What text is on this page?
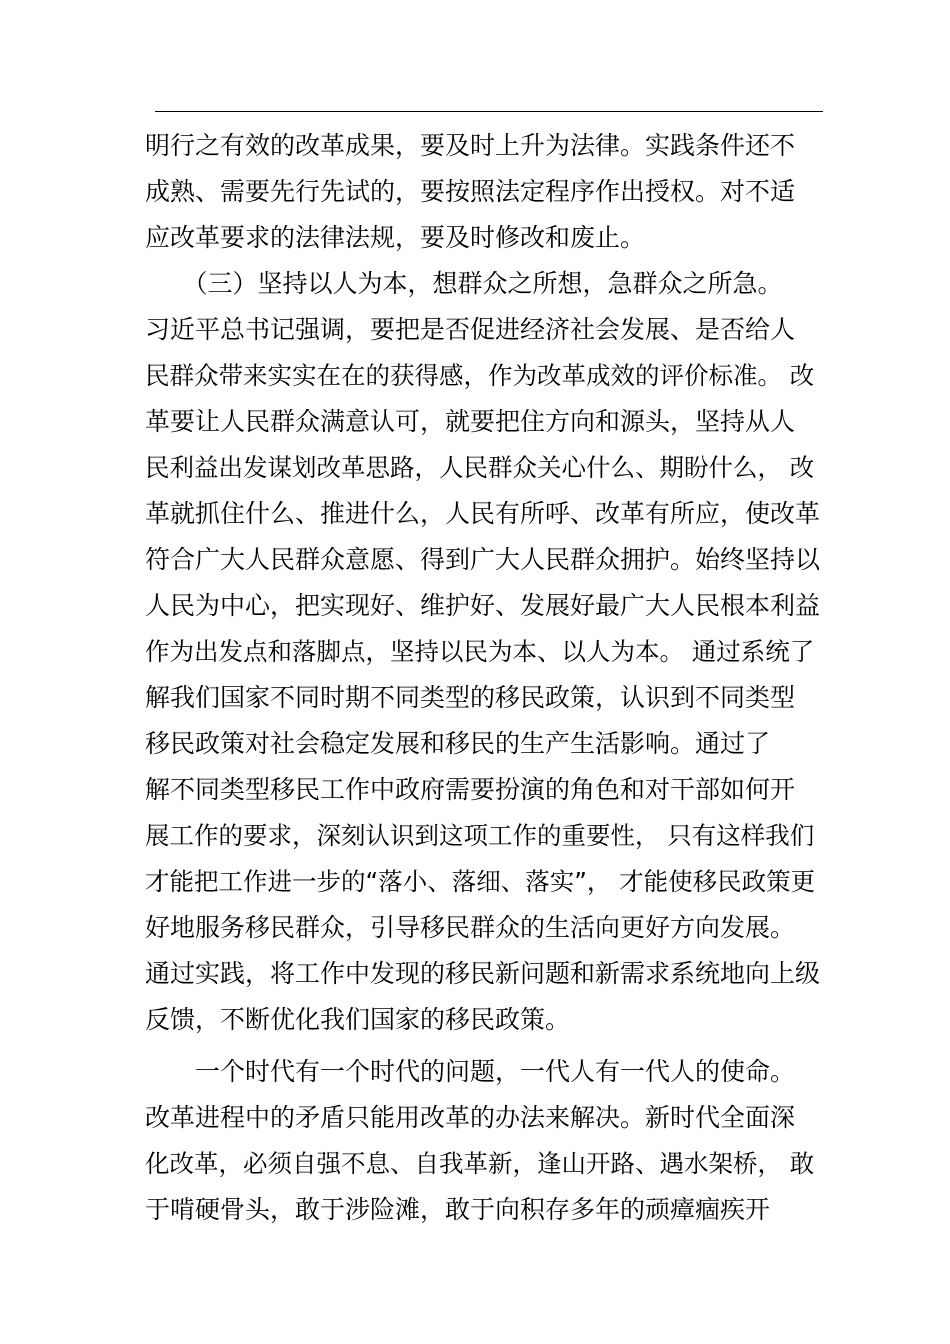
明行之有效的改革成果，要及时上升为法律。实践条件还不
成熟、需要先行先试的，要按照法定程序作出授权。对不适
应改革要求的法律法规，要及时修改和废止。
　　（三）坚持以人为本，想群众之所想，急群众之所急。
习近平总书记强调，要把是否促进经济社会发展、是否给人
民群众带来实实在在的获得感，作为改革成效的评价标准。 改
革要让人民群众满意认可，就要把住方向和源头，坚持从人
民利益出发谋划改革思路，人民群众关心什么、期盼什么， 改
革就抓住什么、推进什么，人民有所呼、改革有所应，使改革
符合广大人民群众意愿、得到广大人民群众拥护。始终坚持以
人民为中心，把实现好、维护好、发展好最广大人民根本利益
作为出发点和落脚点，坚持以民为本、以人为本。 通过系统了
解我们国家不同时期不同类型的移民政策，认识到不同类型
移民政策对社会稳定发展和移民的生产生活影响。通过了
解不同类型移民工作中政府需要扮演的角色和对干部如何开
展工作的要求，深刻认识到这项工作的重要性， 只有这样我们
才能把工作进一步的“落小、落细、落实”， 才能使移民政策更
好地服务移民群众，引导移民群众的生活向更好方向发展。
通过实践，将工作中发现的移民新问题和新需求系统地向上级
反馈，不断优化我们国家的移民政策。
　　一个时代有一个时代的问题，一代人有一代人的使命。
改革进程中的矛盾只能用改革的办法来解决。新时代全面深
化改革，必须自强不息、自我革新，逢山开路、遇水架桥， 敢
于啃硬骨头，敢于涉险滩，敢于向积存多年的顽瘴痼疾开
